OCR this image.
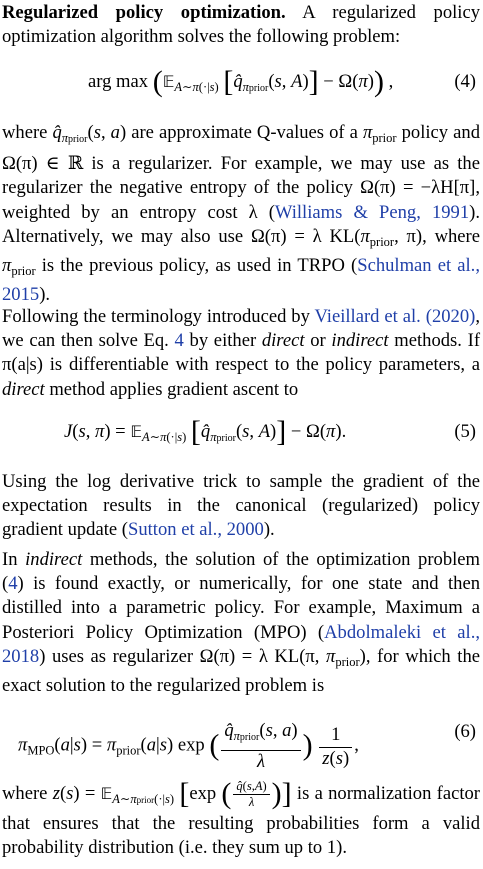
Regularized policy optimization. A regularized policy optimization algorithm solves the following problem:

arg max (𝔼$_{A\sim\pi(\cdot|s)}$ [$q̂_{\pi prior}(s$, A)] − Ω(π)) ,	(4)

where $q̂_{\pi prior}(s$, a) are approximate Q-values of a $\pi_{prior}$ policy and Ω(π) ∈ ℝ is a regularizer. For example, we may use as the regularizer the negative entropy of the policy Ω(π) = −λH[π], weighted by an entropy cost λ (Williams & Peng, 1991). Alternatively, we may also use Ω(π) = λ $KL(\pi_{prior}$, π), where $\pi_{prior}$ is the previous policy, as used in TRPO (Schulman et al., 2015).

Following the terminology introduced by Vieillard et al. (2020), we can then solve Eq. 4 by either direct or indirect methods. If π(a|s) is differentiable with respect to the policy parameters, a direct method applies gradient ascent to

J(s, π) = 𝔼$_{A\sim\pi(\cdot|s)}$ [$q̂_{\pi prior}(s$, A)] − Ω(π).	(5)

Using the log derivative trick to sample the gradient of the expectation results in the canonical (regularized) policy gradient update (Sutton et al., 2000).

In indirect methods, the solution of the optimization problem (4) is found exactly, or numerically, for one state and then distilled into a parametric policy. For example, Maximum a Posteriori Policy Optimization (MPO) (Abdolmaleki et al., 2018) uses as regularizer Ω(π) = λ KL(π, $\pi_{prior}$), for which the exact solution to the regularized problem is

$\pi_{MPO}(a|s) = \pi_{prior}(a|s)$ exp ( $\frac{q̂_{\pi prior}(s, a)}{\lambda}$ ) $\frac{1}{z(s)}$ ,
(6)

where z(s) = 𝔼$_{A\sim\pi prior(\cdot|s)}$ [exp ( $\frac{q̂(s,A)}{\lambda}$ )] is a normalization factor that ensures that the resulting probabilities form a valid probability distribution (i.e. they sum up to 1).
